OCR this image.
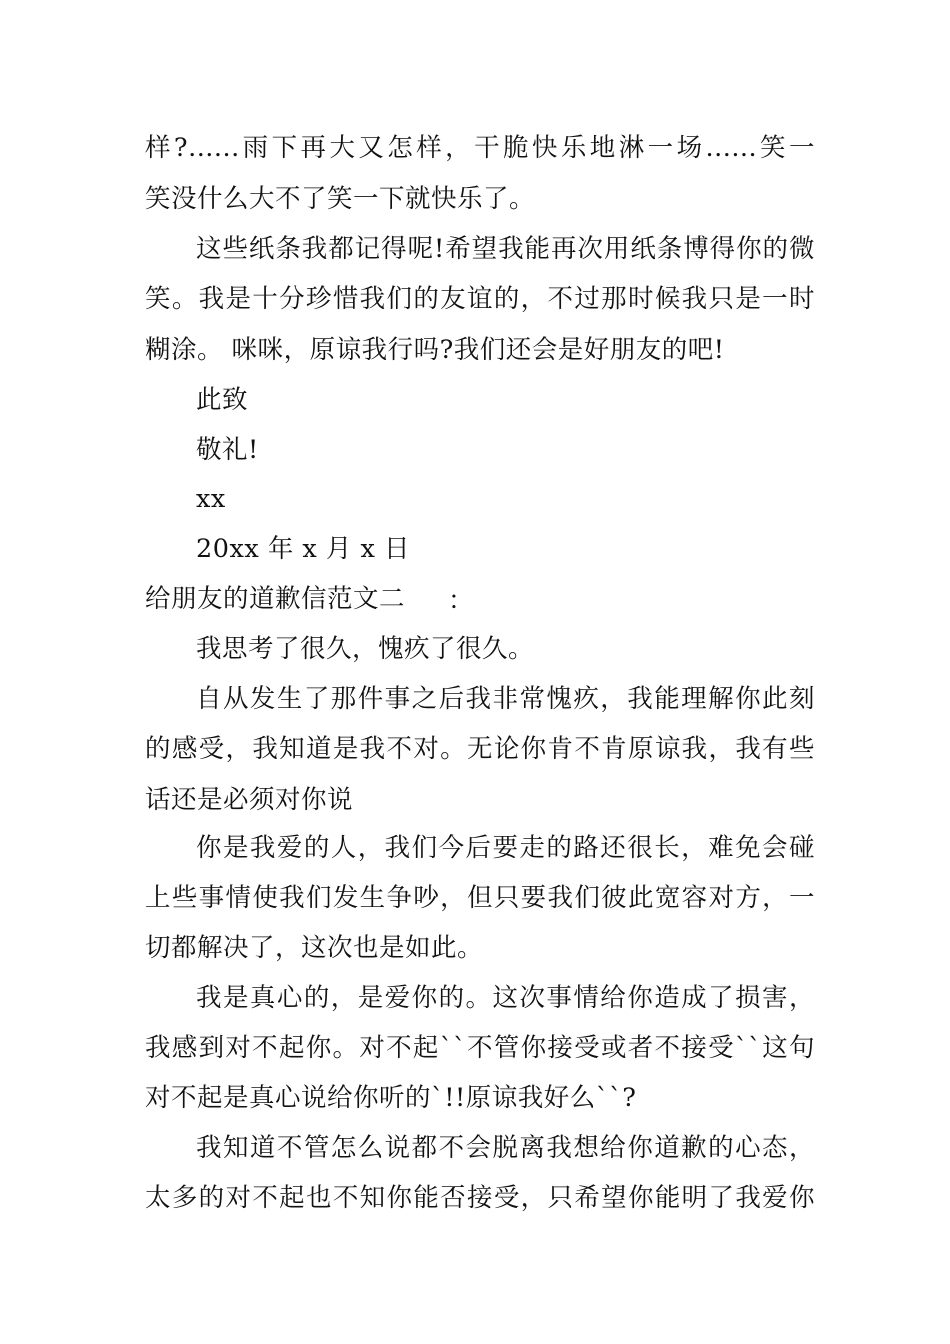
样?......雨下再大又怎样，干脆快乐地淋一场......笑一
笑没什么大不了笑一下就快乐了。
这些纸条我都记得呢!希望我能再次用纸条博得你的微
笑。我是十分珍惜我们的友谊的，不过那时候我只是一时
糊涂。 咪咪，原谅我行吗?我们还会是好朋友的吧!
此致
敬礼!
xx
20xx 年 x 月 x 日
给朋友的道歉信范文二 ：
我思考了很久，愧疚了很久。
自从发生了那件事之后我非常愧疚，我能理解你此刻
的感受，我知道是我不对。无论你肯不肯原谅我，我有些
话还是必须对你说
你是我爱的人，我们今后要走的路还很长，难免会碰
上些事情使我们发生争吵，但只要我们彼此宽容对方，一
切都解决了，这次也是如此。
我是真心的，是爱你的。这次事情给你造成了损害，
我感到对不起你。对不起``不管你接受或者不接受``这句
对不起是真心说给你听的`!!原谅我好么``?
我知道不管怎么说都不会脱离我想给你道歉的心态，
太多的对不起也不知你能否接受，只希望你能明了我爱你
